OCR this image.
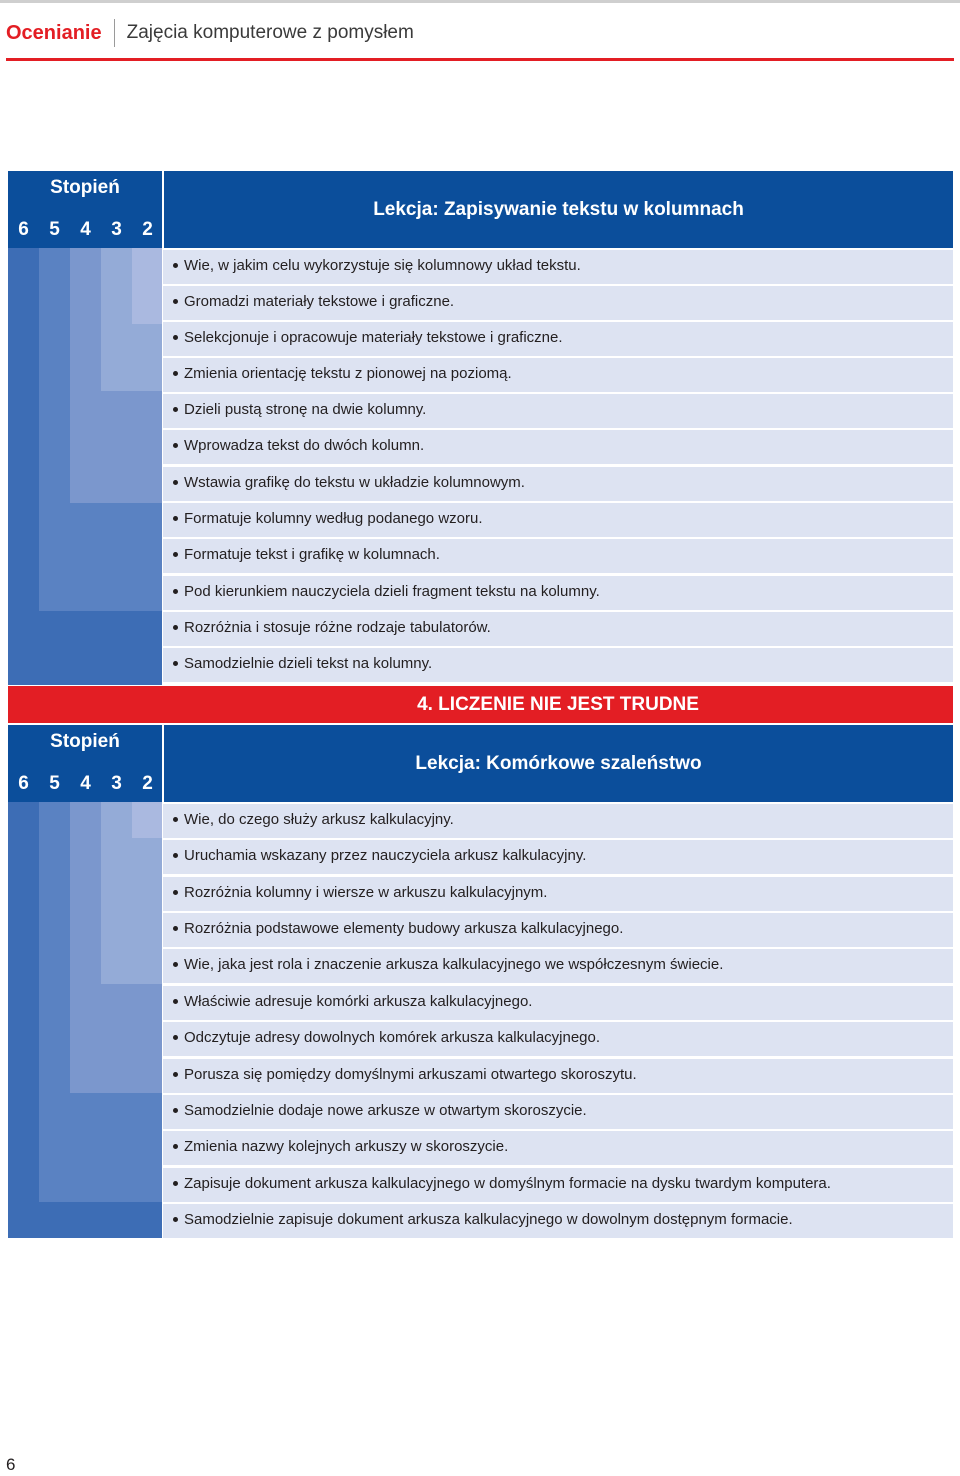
Ocenianie Zajęcia komputerowe z pomysłem
Stopień
6	5	4	3	2
Lekcja: Zapisywanie tekstu w kolumnach
Wie, w jakim celu wykorzystuje się kolumnowy układ tekstu.
Gromadzi materiały tekstowe i graficzne.
Selekcjonuje i opracowuje materiały tekstowe i graficzne.
Zmienia orientację tekstu z pionowej na poziomą.
Dzieli pustą stronę na dwie kolumny.
Wprowadza tekst do dwóch kolumn.
Wstawia grafikę do tekstu w układzie kolumnowym.
Formatuje kolumny według podanego wzoru.
Formatuje tekst i grafikę w kolumnach.
Pod kierunkiem nauczyciela dzieli fragment tekstu na kolumny.
Rozróżnia i stosuje różne rodzaje tabulatorów.
Samodzielnie dzieli tekst na kolumny.
4. LICZENIE NIE JEST TRUDNE
Stopień
6	5	4	3	2
Lekcja: Komórkowe szaleństwo
Wie, do czego służy arkusz kalkulacyjny.
Uruchamia wskazany przez nauczyciela arkusz kalkulacyjny.
Rozróżnia kolumny i wiersze w arkuszu kalkulacyjnym.
Rozróżnia podstawowe elementy budowy arkusza kalkulacyjnego.
Wie, jaka jest rola i znaczenie arkusza kalkulacyjnego we współczesnym świecie.
Właściwie adresuje komórki arkusza kalkulacyjnego.
Odczytuje adresy dowolnych komórek arkusza kalkulacyjnego.
Porusza się pomiędzy domyślnymi arkuszami otwartego skoroszytu.
Samodzielnie dodaje nowe arkusze w otwartym skoroszycie.
Zmienia nazwy kolejnych arkuszy w skoroszycie.
Zapisuje dokument arkusza kalkulacyjnego w domyślnym formacie na dysku twardym komputera.
Samodzielnie zapisuje dokument arkusza kalkulacyjnego w dowolnym dostępnym formacie.
6
